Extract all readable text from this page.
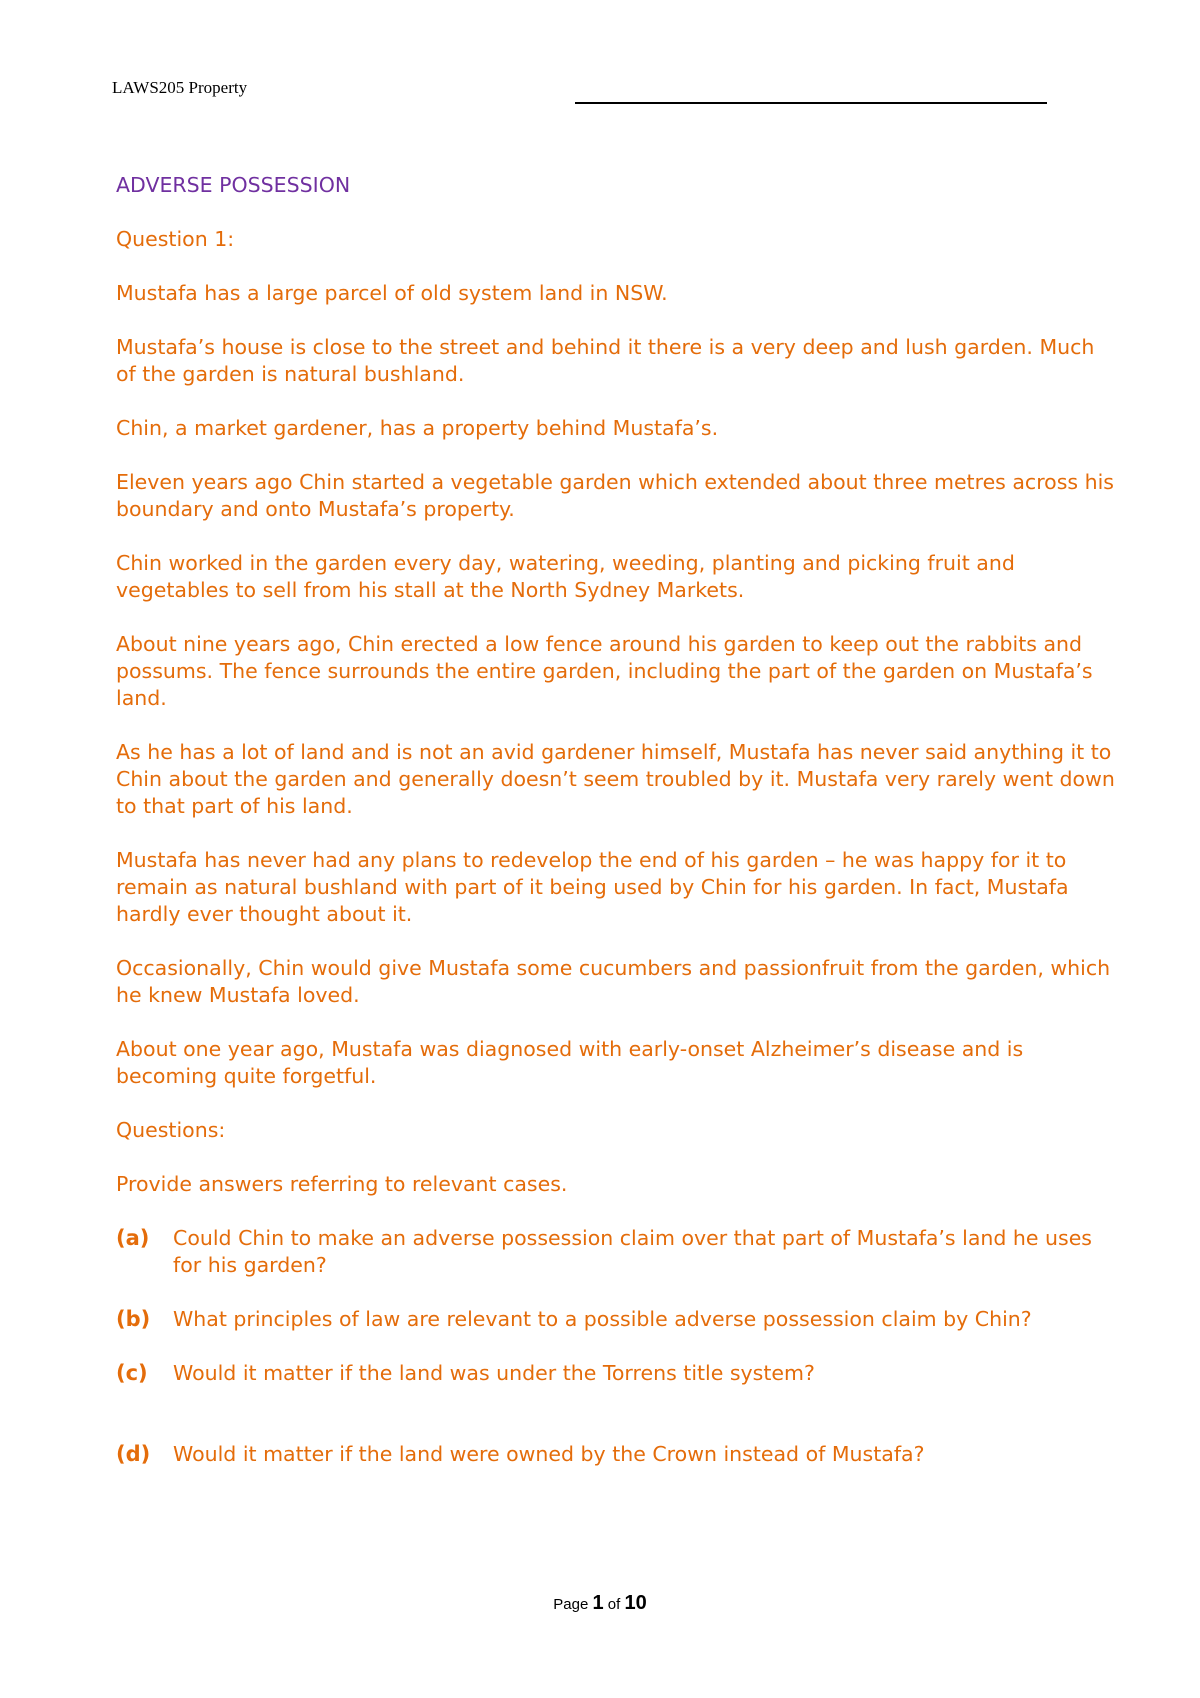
LAWS205 Property
ADVERSE POSSESSION
Question 1:
Mustafa has a large parcel of old system land in NSW.
Mustafa’s house is close to the street and behind it there is a very deep and lush garden. Much of the garden is natural bushland.
Chin, a market gardener, has a property behind Mustafa’s.
Eleven years ago Chin started a vegetable garden which extended about three metres across his boundary and onto Mustafa’s property.
Chin worked in the garden every day, watering, weeding, planting and picking fruit and vegetables to sell from his stall at the North Sydney Markets.
About nine years ago, Chin erected a low fence around his garden to keep out the rabbits and possums. The fence surrounds the entire garden, including the part of the garden on Mustafa’s land.
As he has a lot of land and is not an avid gardener himself, Mustafa has never said anything it to Chin about the garden and generally doesn’t seem troubled by it. Mustafa very rarely went down to that part of his land.
Mustafa has never had any plans to redevelop the end of his garden – he was happy for it to remain as natural bushland with part of it being used by Chin for his garden. In fact, Mustafa hardly ever thought about it.
Occasionally, Chin would give Mustafa some cucumbers and passionfruit from the garden, which he knew Mustafa loved.
About one year ago, Mustafa was diagnosed with early-onset Alzheimer’s disease and is becoming quite forgetful.
Questions:
Provide answers referring to relevant cases.
(a) Could Chin to make an adverse possession claim over that part of Mustafa’s land he uses for his garden?
(b) What principles of law are relevant to a possible adverse possession claim by Chin?
(c) Would it matter if the land was under the Torrens title system?
(d) Would it matter if the land were owned by the Crown instead of Mustafa?
Page 1 of 10
